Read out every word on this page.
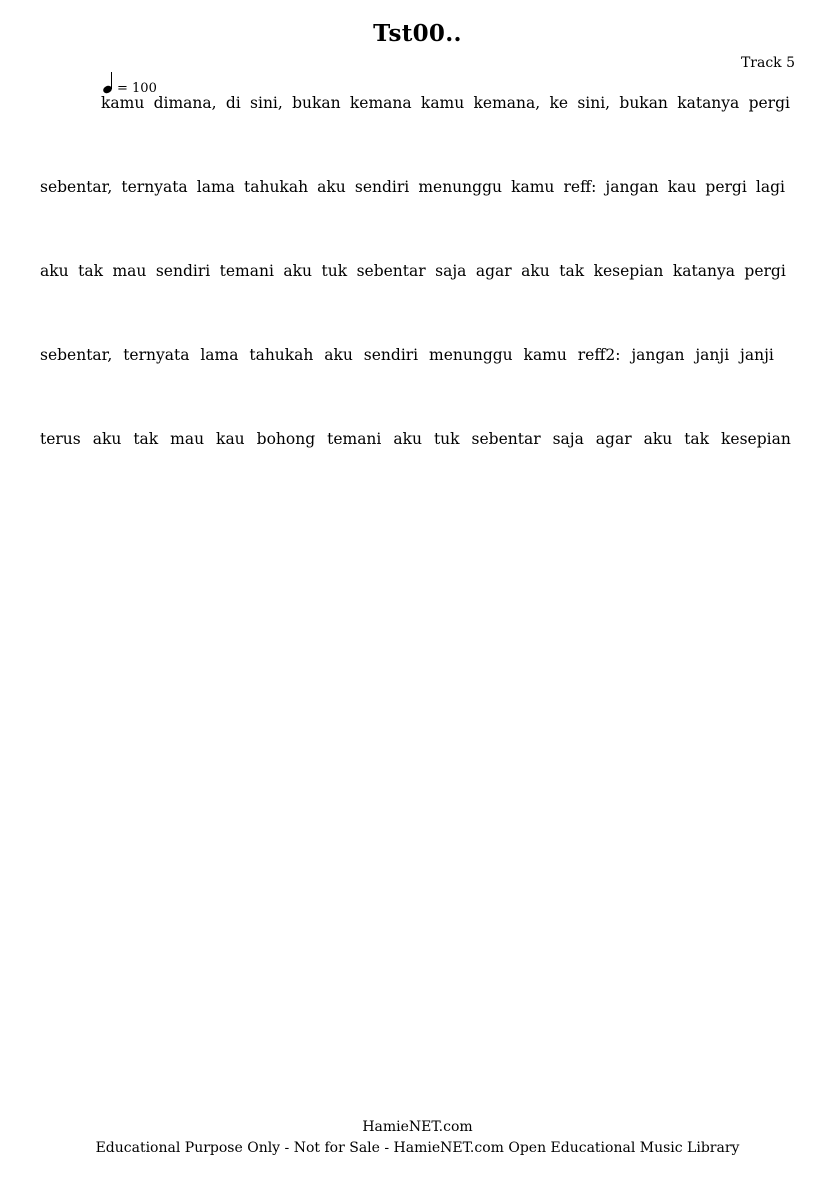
Tst00..
Track 5
= 100
kamu dimana, di sini, bukan kemana kamu kemana, ke sini, bukan katanya pergi
sebentar, ternyata lama tahukah aku sendiri menunggu kamu reff: jangan kau pergi lagi
aku tak mau sendiri temani aku tuk sebentar saja agar aku tak kesepian katanya pergi
sebentar, ternyata lama tahukah aku sendiri menunggu kamu reff2: jangan janji janji
terus aku tak mau kau bohong temani aku tuk sebentar saja agar aku tak kesepian
HamieNET.com
Educational Purpose Only - Not for Sale - HamieNET.com Open Educational Music Library
